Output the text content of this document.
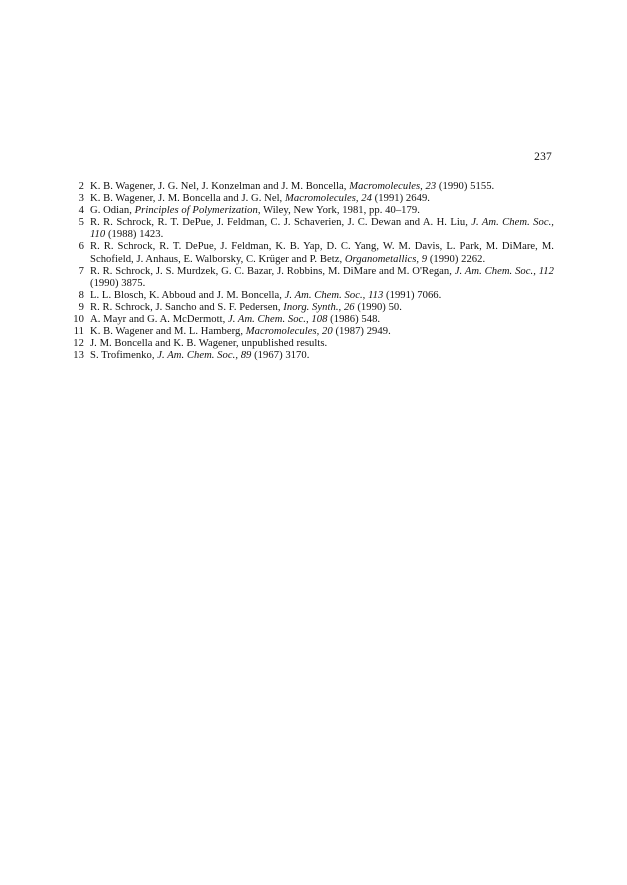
237
2 K. B. Wagener, J. G. Nel, J. Konzelman and J. M. Boncella, Macromolecules, 23 (1990) 5155.
3 K. B. Wagener, J. M. Boncella and J. G. Nel, Macromolecules, 24 (1991) 2649.
4 G. Odian, Principles of Polymerization, Wiley, New York, 1981, pp. 40–179.
5 R. R. Schrock, R. T. DePue, J. Feldman, C. J. Schaverien, J. C. Dewan and A. H. Liu, J. Am. Chem. Soc., 110 (1988) 1423.
6 R. R. Schrock, R. T. DePue, J. Feldman, K. B. Yap, D. C. Yang, W. M. Davis, L. Park, M. DiMare, M. Schofield, J. Anhaus, E. Walborsky, C. Krüger and P. Betz, Organometallics, 9 (1990) 2262.
7 R. R. Schrock, J. S. Murdzek, G. C. Bazar, J. Robbins, M. DiMare and M. O'Regan, J. Am. Chem. Soc., 112 (1990) 3875.
8 L. L. Blosch, K. Abboud and J. M. Boncella, J. Am. Chem. Soc., 113 (1991) 7066.
9 R. R. Schrock, J. Sancho and S. F. Pedersen, Inorg. Synth., 26 (1990) 50.
10 A. Mayr and G. A. McDermott, J. Am. Chem. Soc., 108 (1986) 548.
11 K. B. Wagener and M. L. Hamberg, Macromolecules, 20 (1987) 2949.
12 J. M. Boncella and K. B. Wagener, unpublished results.
13 S. Trofimenko, J. Am. Chem. Soc., 89 (1967) 3170.
